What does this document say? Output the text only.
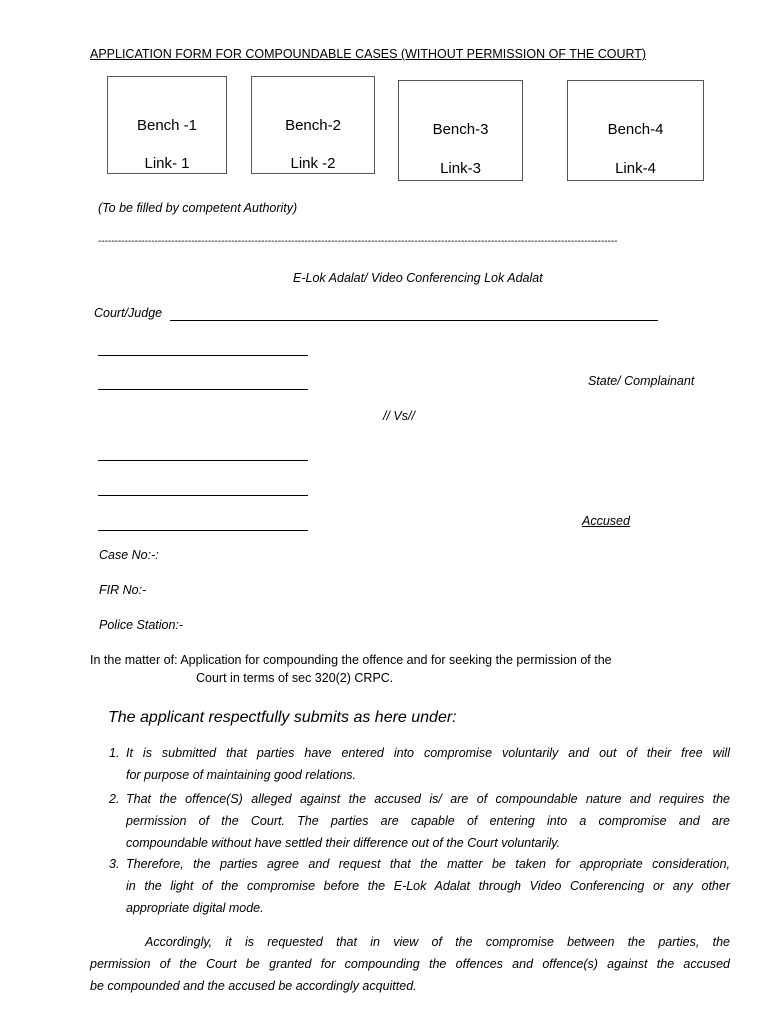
APPLICATION FORM FOR COMPOUNDABLE CASES (WITHOUT PERMISSION OF THE COURT)
Bench -1
Link- 1
Bench-2
Link -2
Bench-3
Link-3
Bench-4
Link-4
(To be filled by competent Authority)
------------------------------------------------------------------------------------------------------------------------------------------------------------
E-Lok Adalat/ Video Conferencing Lok Adalat
Court/Judge
State/ Complainant
// Vs//
Accused
Case No:-:
FIR No:-
Police Station:-
In the matter of: Application for compounding the offence and for seeking the permission of the
Court in terms of sec 320(2) CRPC.
The applicant respectfully submits as here under:
1. It is submitted that parties have entered into compromise voluntarily and out of their free will
for purpose of maintaining good relations.
2. That the offence(S) alleged against the accused is/ are of compoundable nature and requires the
permission of the Court. The parties are capable of entering into a compromise and are
compoundable without have settled their difference out of the Court voluntarily.
3. Therefore, the parties agree and request that the matter be taken for appropriate consideration,
in the light of the compromise before the E-Lok Adalat through Video Conferencing or any other
appropriate digital mode.
Accordingly, it is requested that in view of the compromise between the parties, the
permission of the Court be granted for compounding the offences and offence(s) against the accused
be compounded and the accused be accordingly acquitted.
